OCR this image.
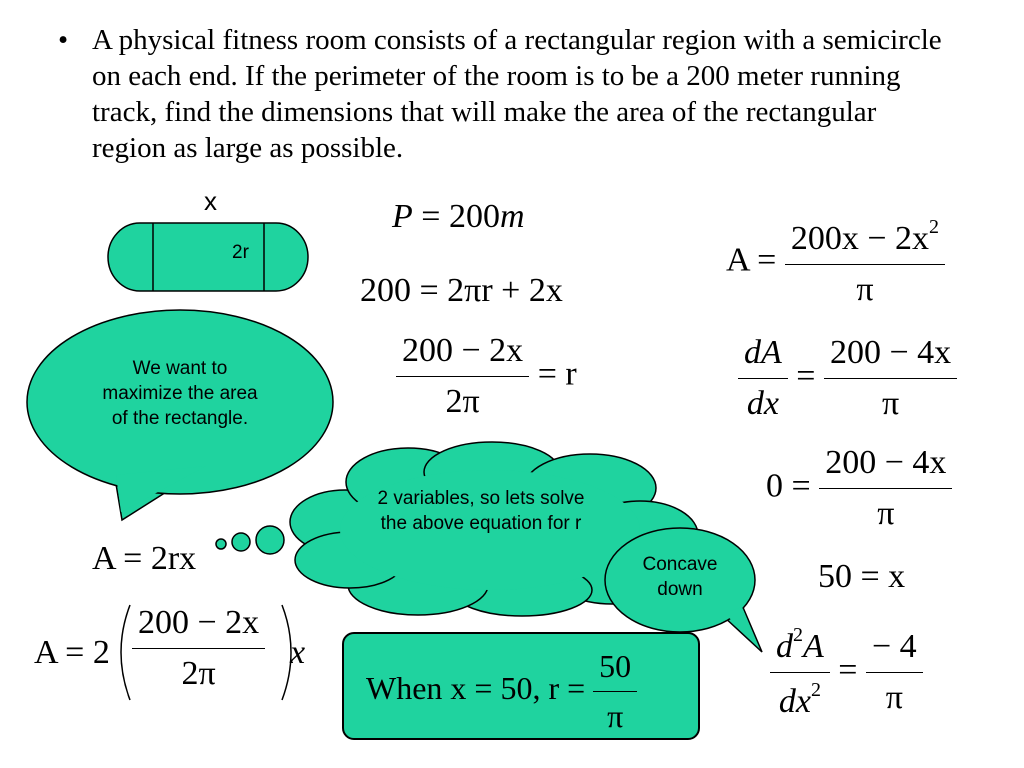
• A physical fitness room consists of a rectangular region with a semicircle on each end. If the perimeter of the room is to be a 200 meter running track, find the dimensions that will make the area of the rectangular region as large as possible.
x
2r
P = 200m
200 = 2πr + 2x
$\frac{200 - 2x}{2\pi} = r$
A = 2rx
$A = 2 \frac{200 - 2x}{2\pi}$ x
$A = \frac{200x - 2x^2}{\pi}$
$\frac{dA}{dx} = \frac{200 - 4x}{\pi}$
$0 = \frac{200 - 4x}{\pi}$
50 = x
$\frac{d^2A}{dx^2} = \frac{- 4}{\pi}$
We want to maximize the area of the rectangle.
2 variables, so lets solve the above equation for r
Concave down
When x = 50, $r = \frac{50}{\pi}$
